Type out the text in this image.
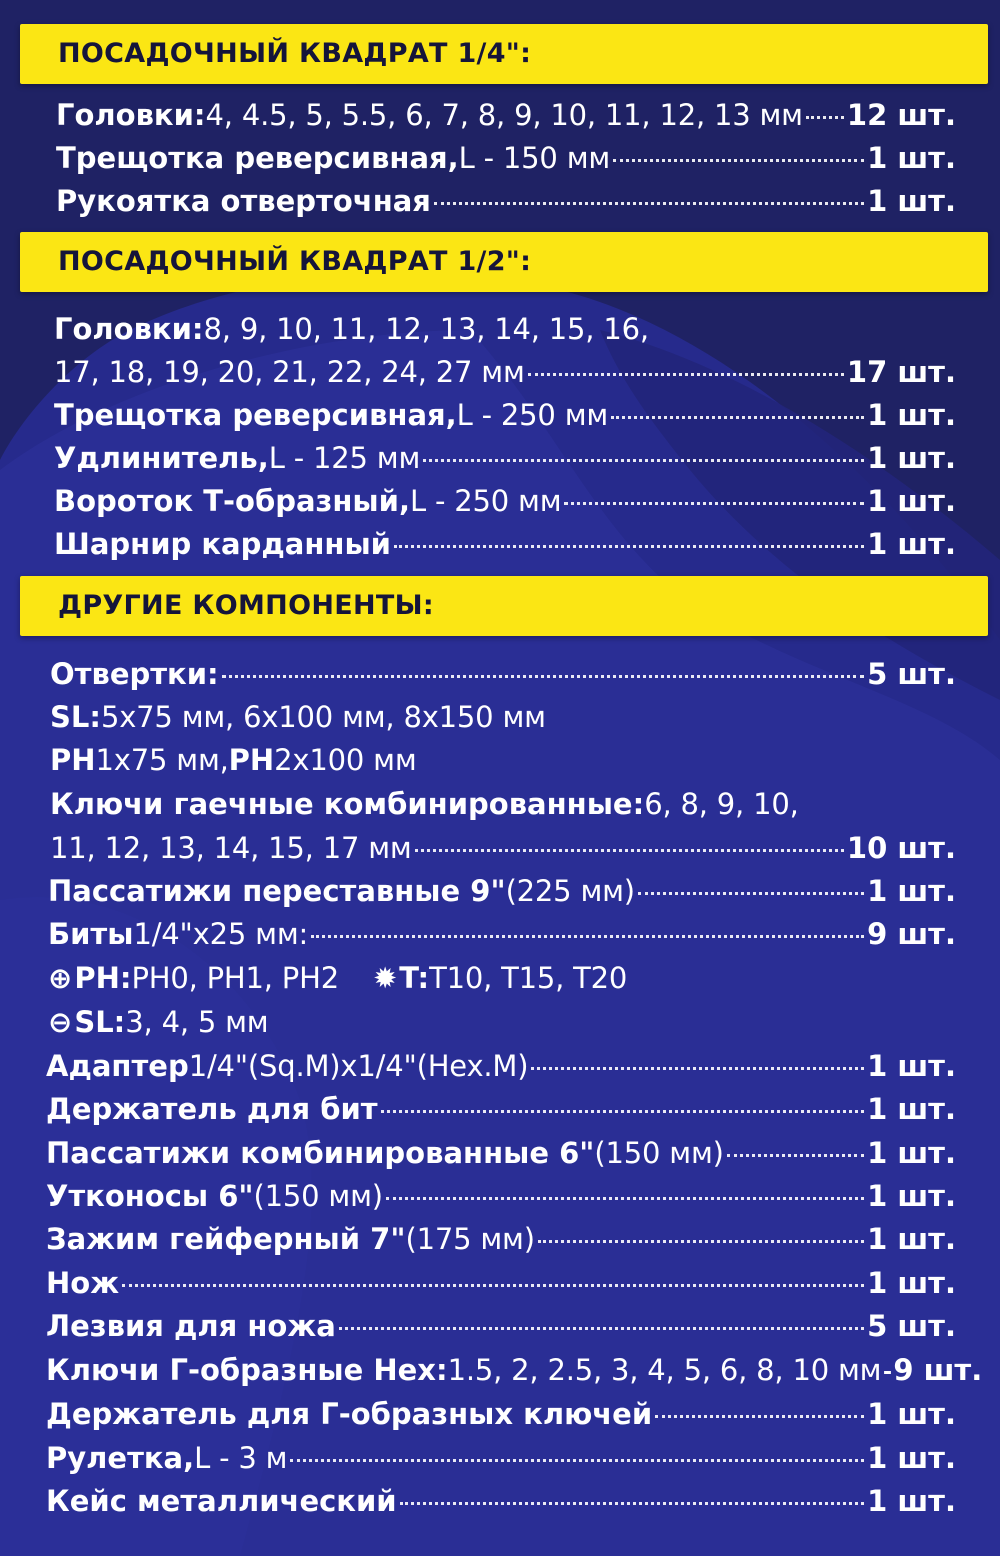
ПОСАДОЧНЫЙ КВАДРАТ 1/4":
Головки: 4, 4.5, 5, 5.5, 6, 7, 8, 9, 10, 11, 12, 13 мм 12 шт.
Трещотка реверсивная, L - 150 мм	1 шт.
Рукоятка отверточная	1 шт.
ПОСАДОЧНЫЙ КВАДРАТ 1/2":
Головки: 8, 9, 10, 11, 12, 13, 14, 15, 16,
17, 18, 19, 20, 21, 22, 24, 27 мм	17 шт.
Трещотка реверсивная, L - 250 мм	1 шт.
Удлинитель, L - 125 мм	1 шт.
Вороток Т-образный, L - 250 мм	1 шт.
Шарнир карданный	1 шт.
ДРУГИЕ КОМПОНЕНТЫ:
Отвертки:	5 шт.
SL: 5x75 мм, 6x100 мм, 8x150 мм
PH 1x75 мм, PH 2x100 мм
Ключи гаечные комбинированные: 6, 8, 9, 10,
11, 12, 13, 14, 15, 17 мм	10 шт.
Пассатижи переставные 9" (225 мм)	1 шт.
Биты 1/4"x25 мм:	9 шт.
⊕ PH: PH0, PH1, PH2 ✹ T: T10, T15, T20
⊖ SL: 3, 4, 5 мм
Адаптер 1/4"(Sq.M)x1/4"(Hex.M)	1 шт.
Держатель для бит	1 шт.
Пассатижи комбинированные 6" (150 мм)	1 шт.
Утконосы 6" (150 мм)	1 шт.
Зажим гейферный 7" (175 мм)	1 шт.
Нож	1 шт.
Лезвия для ножа	5 шт.
Ключи Г-образные Hex: 1.5, 2, 2.5, 3, 4, 5, 6, 8, 10 мм 9 шт.
Держатель для Г-образных ключей	1 шт.
Рулетка, L - 3 м	1 шт.
Кейс металлический	1 шт.
